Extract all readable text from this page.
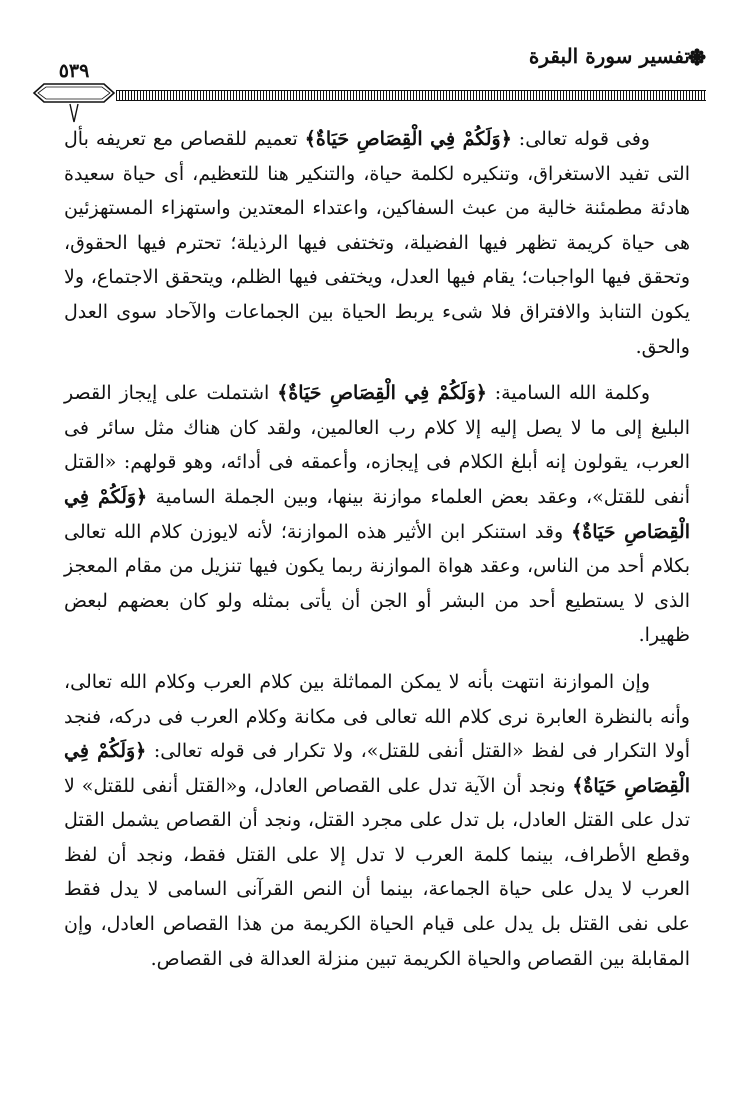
تفسير سورة البقرة
٥٣٩

وفى قوله تعالى: ﴿وَلَكُمْ فِي الْقِصَاصِ حَيَاةٌ﴾ تعميم للقصاص مع تعريفه بأل التى تفيد الاستغراق، وتنكيره لكلمة حياة، والتنكير هنا للتعظيم، أى حياة سعيدة هادئة مطمئنة خالية من عبث السفاكين، واعتداء المعتدين واستهزاء المستهزئين هى حياة كريمة تظهر فيها الفضيلة، وتختفى فيها الرذيلة؛ تحترم فيها الحقوق، وتحقق فيها الواجبات؛ يقام فيها العدل، ويختفى فيها الظلم، ويتحقق الاجتماع، ولا يكون التنابذ والافتراق فلا شىء يربط الحياة بين الجماعات والآحاد سوى العدل والحق.

وكلمة الله السامية: ﴿وَلَكُمْ فِي الْقِصَاصِ حَيَاةٌ﴾ اشتملت على إيجاز القصر البليغ إلى ما لا يصل إليه إلا كلام رب العالمين، ولقد كان هناك مثل سائر فى العرب، يقولون إنه أبلغ الكلام فى إيجازه، وأعمقه فى أدائه، وهو قولهم: «القتل أنفى للقتل»، وعقد بعض العلماء موازنة بينها، وبين الجملة السامية ﴿وَلَكُمْ فِي الْقِصَاصِ حَيَاةٌ﴾ وقد استنكر ابن الأثير هذه الموازنة؛ لأنه لايوزن كلام الله تعالى بكلام أحد من الناس، وعقد هواة الموازنة ربما يكون فيها تنزيل من مقام المعجز الذى لا يستطيع أحد من البشر أو الجن أن يأتى بمثله ولو كان بعضهم لبعض ظهيرا.

وإن الموازنة انتهت بأنه لا يمكن المماثلة بين كلام العرب وكلام الله تعالى، وأنه بالنظرة العابرة نرى كلام الله تعالى فى مكانة وكلام العرب فى دركه، فنجد أولا التكرار فى لفظ «القتل أنفى للقتل»، ولا تكرار فى قوله تعالى: ﴿وَلَكُمْ فِي الْقِصَاصِ حَيَاةٌ﴾ ونجد أن الآية تدل على القصاص العادل، و«القتل أنفى للقتل» لا تدل على القتل العادل، بل تدل على مجرد القتل، ونجد أن القصاص يشمل القتل وقطع الأطراف، بينما كلمة العرب لا تدل إلا على القتل فقط، ونجد أن لفظ العرب لا يدل على حياة الجماعة، بينما أن النص القرآنى السامى لا يدل فقط على نفى القتل بل يدل على قيام الحياة الكريمة من هذا القصاص العادل، وإن المقابلة بين القصاص والحياة الكريمة تبين منزلة العدالة فى القصاص.
